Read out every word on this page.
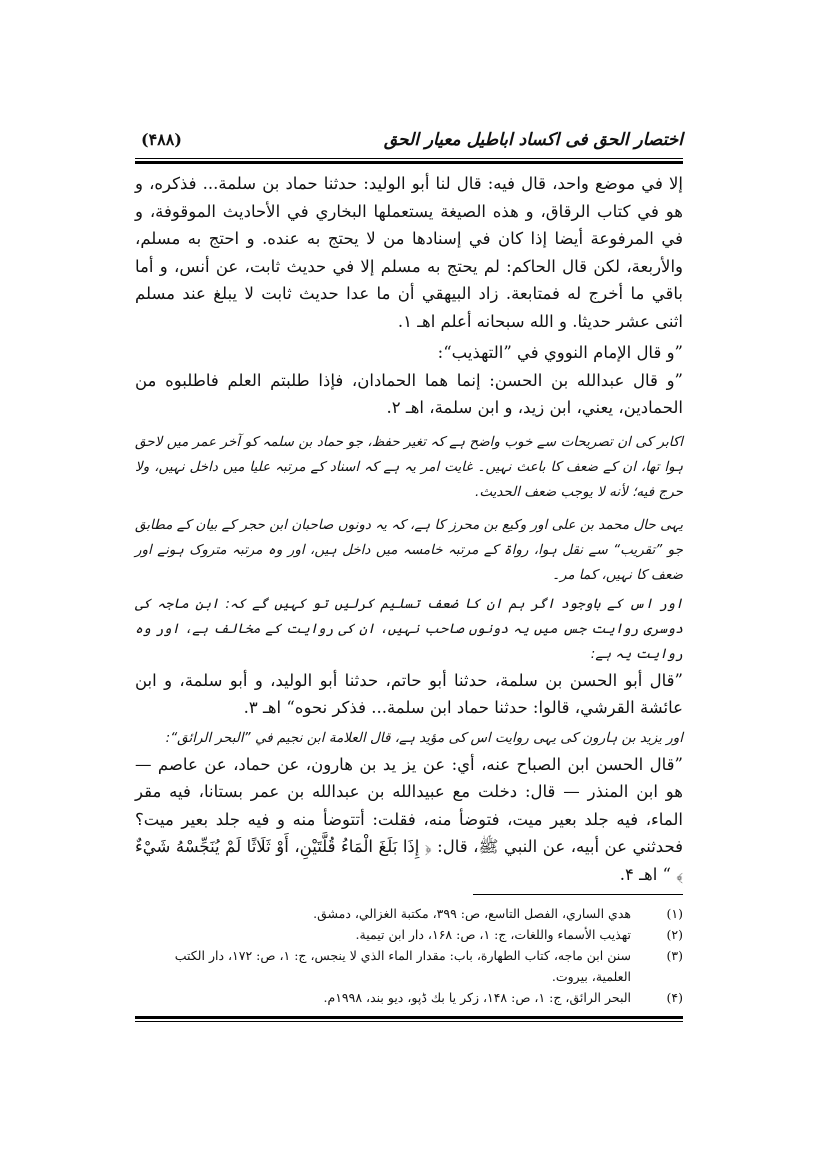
اختصار الحق فی اکساد اباطیل معیار الحق
(۴۸۸)

إلا في موضع واحد، قال فيه: قال لنا أبو الوليد: حدثنا حماد بن سلمة... فذكره، و هو في كتاب الرقاق، و هذه الصيغة يستعملها البخاري في الأحاديث الموقوفة، و في المرفوعة أيضا إذا كان في إسنادها من لا يحتج به عنده. و احتج به مسلم، والأربعة، لكن قال الحاكم: لم يحتج به مسلم إلا في حديث ثابت، عن أنس، و أما باقي ما أخرج له فمتابعة. زاد البيهقي أن ما عدا حديث ثابت لا يبلغ عند مسلم اثنى عشر حديثا. و الله سبحانه أعلم اهـ ۱.

”و قال الإمام النووي في ”التهذيب“:

”و قال عبدالله بن الحسن: إنما هما الحمادان، فإذا طلبتم العلم فاطلبوه من الحمادين، يعني، ابن زيد، و ابن سلمة، اهـ ۲.

اکابر کی ان تصریحات سے خوب واضح ہے کہ تغیر حفظ، جو حماد بن سلمہ کو آخر عمر میں لاحق ہوا تھا، ان کے ضعف کا باعث نہیں۔ غایت امر یہ ہے کہ اسناد کے مرتبہ علیا میں داخل نہیں، ولا حرج فيه؛ لأنه لا يوجب ضعف الحديث.

یہی حال محمد بن علی اور وکیع بن محرز کا ہے، کہ یہ دونوں صاحبان ابن حجر کے بیان کے مطابق جو ”تقریب“ سے نقل ہوا، رواۃ کے مرتبہ خامسہ میں داخل ہیں، اور وہ مرتبہ متروک ہونے اور ضعف کا نہیں، کما مر۔

اور اس کے باوجود اگر ہم ان کا ضعف تسلیم کرلیں تو کہیں گے کہ: ابن ماجہ کی دوسری روایت جس میں یہ دونوں صاحب نہیں، ان کی روایت کے مخالف ہے، اور وہ روایت یہ ہے:

”قال أبو الحسن بن سلمة، حدثنا أبو حاتم، حدثنا أبو الوليد، و أبو سلمة، و ابن عائشة القرشي، قالوا: حدثنا حماد ابن سلمة... فذكر نحوه“ اهـ ۳.

اور یزید بن ہارون کی یہی روایت اس کی مؤید ہے، قال العلامة ابن نجيم في ”البحر الرائق“:

”قال الحسن ابن الصباح عنه، أي: عن يز يد بن هارون، عن حماد، عن عاصم — هو ابن المنذر — قال: دخلت مع عبيدالله بن عبدالله بن عمر بستانا، فيه مقر الماء، فيه جلد بعير ميت، فتوضأ منه، فقلت: أتتوضأ منه و فيه جلد بعير ميت؟ فحدثني عن أبيه، عن النبي ﷺ، قال: ﴿ إِذَا بَلَغَ الْمَاءُ قُلَّتَيْنِ، أَوْ ثَلَاثًا لَمْ يُنَجِّسْهُ شَيْءٌ ﴾ “ اهـ ۴.

(۱)
هدي الساري، الفصل التاسع، ص: ۳۹۹، مكتبة الغزالي، دمشق.
(۲)
تهذيب الأسماء واللغات، ج: ۱، ص: ۱۶۸، دار ابن تيمية.
(۳)
سنن ابن ماجه، كتاب الطهارة، باب: مقدار الماء الذي لا ينجس، ج: ۱، ص: ۱۷۲، دار الكتب العلمية، بيروت.
(۴)
البحر الرائق، ج: ۱، ص: ۱۴۸، زكر يا بك ڈپو، ديو بند، ۱۹۹۸م.
